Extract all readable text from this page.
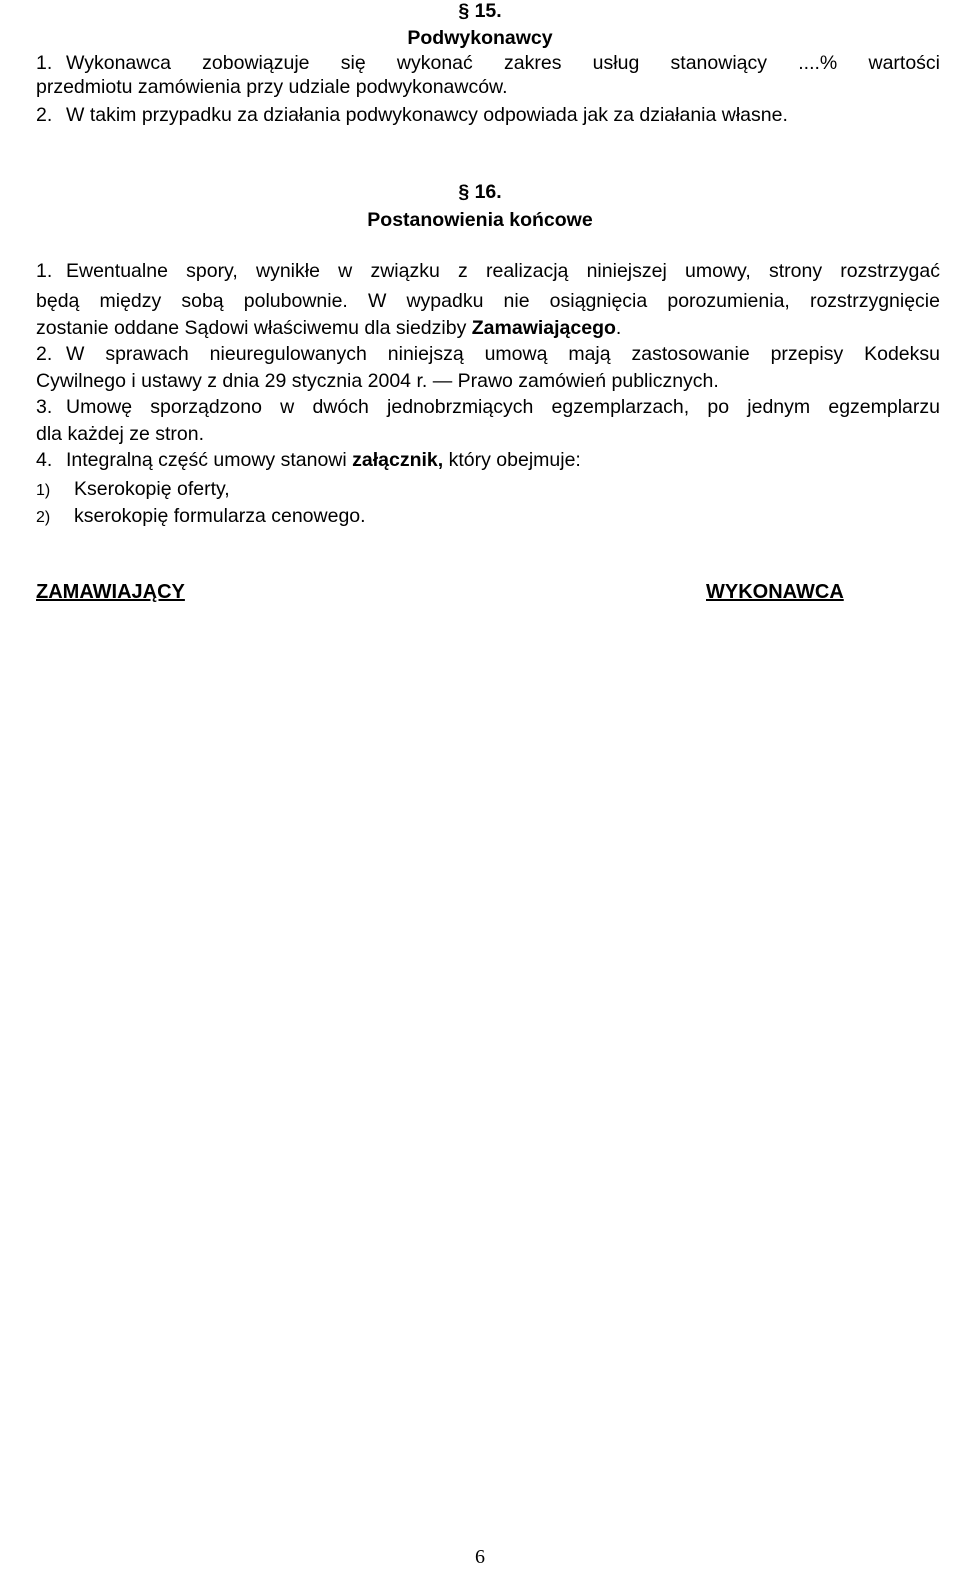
§ 15.
Podwykonawcy
1. Wykonawca zobowiązuje się wykonać zakres usług stanowiący ....% wartości
przedmiotu zamówienia przy udziale podwykonawców.
2. W takim przypadku za działania podwykonawcy odpowiada jak za działania własne.
§ 16.
Postanowienia końcowe
1. Ewentualne spory, wynikłe w związku z realizacją niniejszej umowy, strony rozstrzygać
będą między sobą polubownie. W wypadku nie osiągnięcia porozumienia, rozstrzygnięcie
zostanie oddane Sądowi właściwemu dla siedziby Zamawiającego.
2. W sprawach nieuregulowanych niniejszą umową mają zastosowanie przepisy Kodeksu
Cywilnego i ustawy z dnia 29 stycznia 2004 r. — Prawo zamówień publicznych.
3. Umowę sporządzono w dwóch jednobrzmiących egzemplarzach, po jednym egzemplarzu
dla każdej ze stron.
4. Integralną część umowy stanowi załącznik, który obejmuje:
1) Kserokopię oferty,
2) kserokopię formularza cenowego.
ZAMAWIAJĄCY	WYKONAWCA
6
